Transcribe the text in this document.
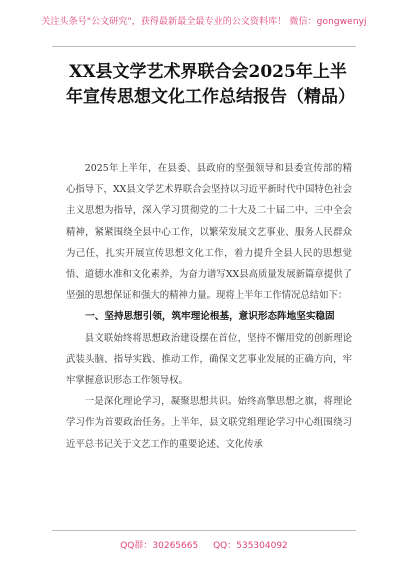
关注头条号"公文研究"，获得最新最全最专业的公文资料库！ 微信：gongwenyj
XX县文学艺术界联合会2025年上半年宣传思想文化工作总结报告（精品）

2025年上半年，在县委、县政府的坚强领导和县委宣传部的精心指导下，XX县文学艺术界联合会坚持以习近平新时代中国特色社会主义思想为指导，深入学习贯彻党的二十大及二十届二中、三中全会精神，紧紧围绕全县中心工作，以繁荣发展文艺事业、服务人民群众为己任，扎实开展宣传思想文化工作，着力提升全县人民的思想觉悟、道德水准和文化素养，为奋力谱写XX县高质量发展新篇章提供了坚强的思想保证和强大的精神力量。现将上半年工作情况总结如下：

一、坚持思想引领，筑牢理论根基，意识形态阵地坚实稳固

县文联始终将思想政治建设摆在首位，坚持不懈用党的创新理论武装头脑、指导实践、推动工作，确保文艺事业发展的正确方向，牢牢掌握意识形态工作领导权。

一是深化理论学习，凝聚思想共识。始终高擎思想之旗，将理论学习作为首要政治任务。上半年，县文联党组理论学习中心组围绕习近平总书记关于文艺工作的重要论述、文化传承

QQ群：30265665 QQ：535304092
